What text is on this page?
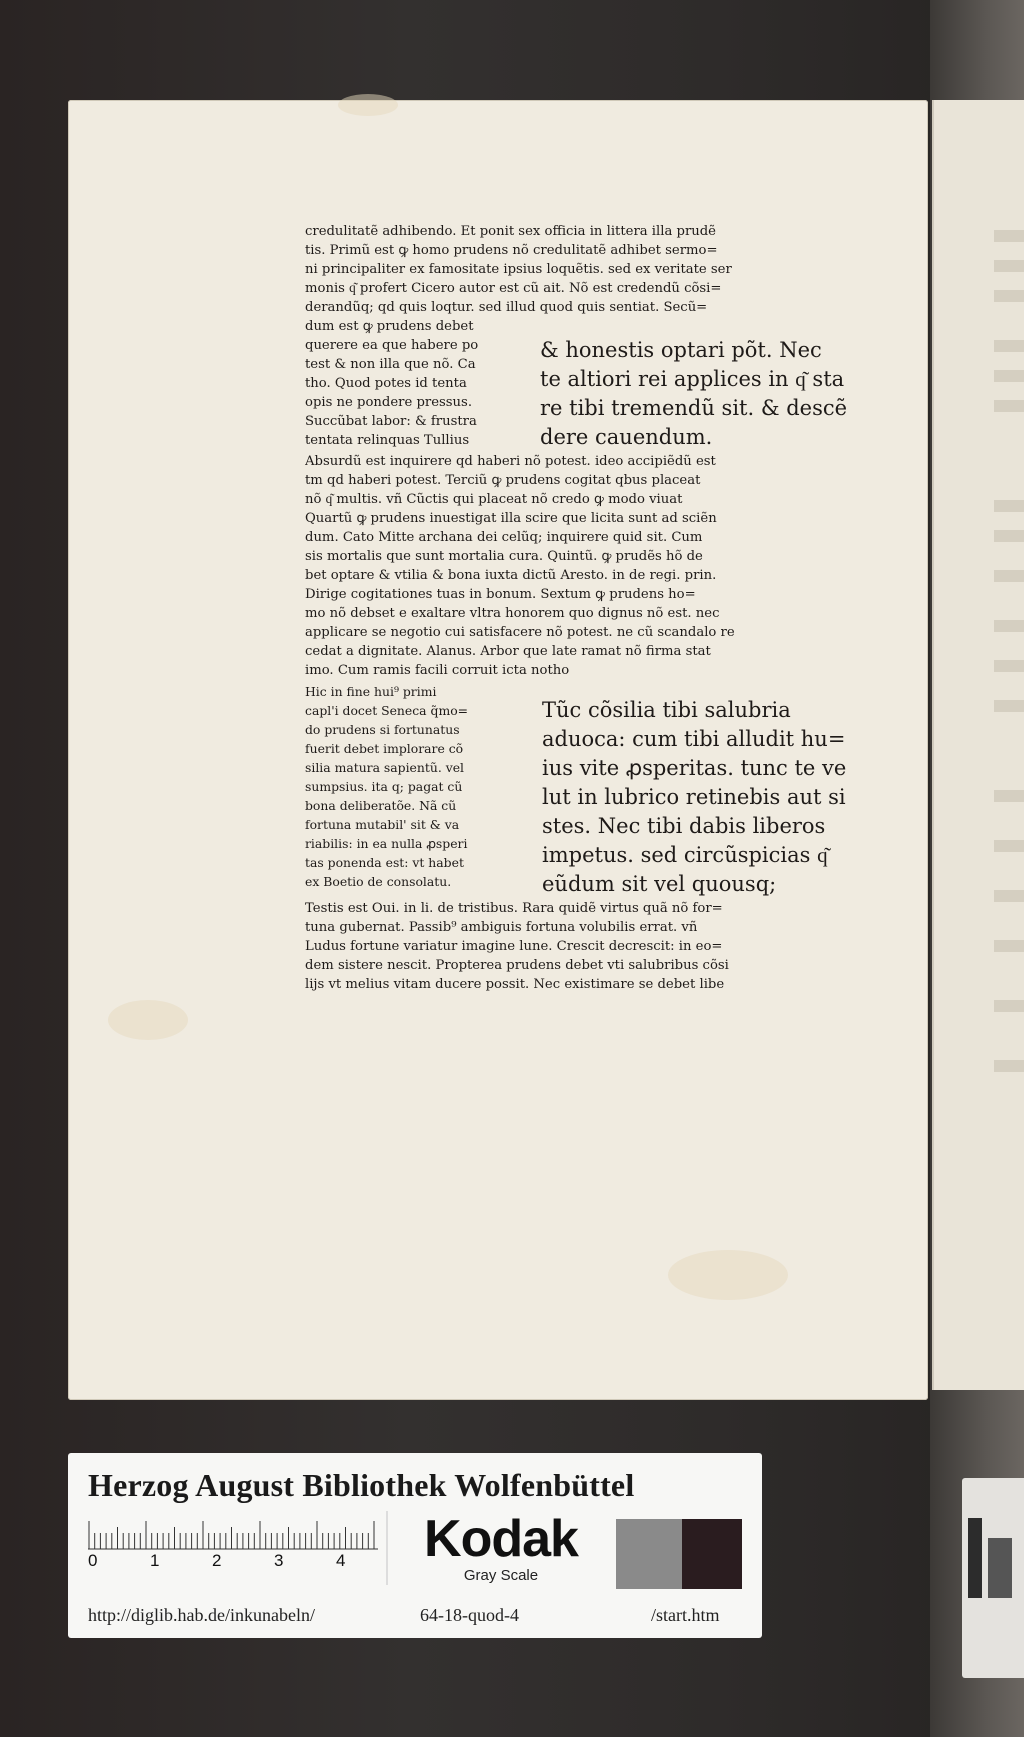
credulitatẽ adhibendo. Et ponit sex officia in littera illa prudẽ
tis. Primũ est ꝙ homo prudens nõ credulitatẽ adhibet sermo=
ni principaliter ex famositate ipsius loquẽtis. sed ex veritate ser
monis q͂ profert Cicero autor est cũ ait. Nõ est credendũ cõsi=
derandũq; qd quis loqtur. sed illud quod quis sentiat. Secũ=
dum est ꝙ prudens debet
querere ea que habere po
test & non illa que nõ. Ca
tho. Quod potes id tenta
opis ne pondere pressus.
Succũbat labor: & frustra
tentata relinquas Tullius
& honestis optari põt. Nec
te altiori rei applices in q͂ sta
re tibi tremendũ sit. & descẽ
dere cauendum.
Absurdũ est inquirere qd haberi nõ potest. ideo accipiẽdũ est
tm qd haberi potest. Terciũ ꝙ prudens cogitat qbus placeat
nõ q͂ multis. vñ Cũctis qui placeat nõ credo ꝙ modo viuat
Quartũ ꝙ prudens inuestigat illa scire que licita sunt ad sciẽn
dum. Cato Mitte archana dei celũq; inquirere quid sit. Cum
sis mortalis que sunt mortalia cura. Quintũ. ꝙ prudẽs hõ de
bet optare & vtilia & bona iuxta dictũ Aresto. in de regi. prin.
Dirige cogitationes tuas in bonum. Sextum ꝙ prudens ho=
mo nõ debset e exaltare vltra honorem quo dignus nõ est. nec
applicare se negotio cui satisfacere nõ potest. ne cũ scandalo re
cedat a dignitate. Alanus. Arbor que late ramat nõ firma stat
imo. Cum ramis facili corruit icta notho
Hic in fine hui⁹ primi
capl'i docet Seneca q̃mo=
do prudens si fortunatus
fuerit debet implorare cõ
silia matura sapientũ. vel
sumpsius. ita q; pagat cũ
bona deliberatõe. Nã cũ
fortuna mutabil' sit & va
riabilis: in ea nulla ꝓsperi
tas ponenda est: vt habet
ex Boetio de consolatu.
Tũc cõsilia tibi salubria
aduoca: cum tibi alludit hu=
ius vite ꝓsperitas. tunc te ve
lut in lubrico retinebis aut si
stes. Nec tibi dabis liberos
impetus. sed circũspicias q͂
eũdum sit vel quousq;
Testis est Oui. in li. de tristibus. Rara quidẽ virtus quã nõ for=
tuna gubernat. Passib⁹ ambiguis fortuna volubilis errat. vñ
Ludus fortune variatur imagine lune. Crescit decrescit: in eo=
dem sistere nescit. Propterea prudens debet vti salubribus cõsi
lijs vt melius vitam ducere possit. Nec existimare se debet libe
Herzog August Bibliothek Wolfenbüttel
0	1	2	3	4	Kodak
Gray Scale
http://diglib.hab.de/inkunabeln/	64-18-quod-4	/start.htm
